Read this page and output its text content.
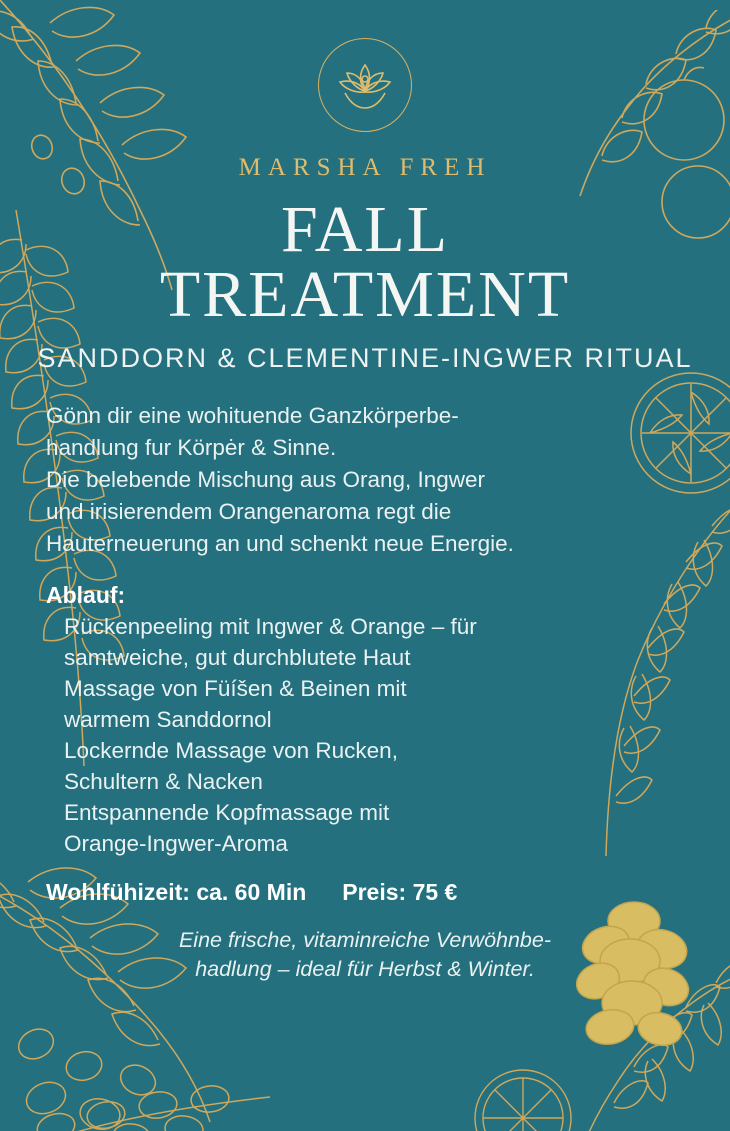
MARSHA FREH
FALL
TREATMENT
SANDDORN & CLEMENTINE-INGWER RITUAL

Gönn dir eine wohituende Ganzkörperbe-

handlung fur Körpėr & Sinne.

Die belebende Mischung aus Orang, Ingwer

und irisierendem Orangenaroma regt die

Hauterneuerung an und schenkt neue Energie.

Ablauf:
Rückenpeeling mit Ingwer & Orange – für
samtweiche, gut durchblutete Haut
Massage von Füíšen & Beinen mit
warmem Sanddornol
Lockernde Massage von Rucken,
Schultern & Nacken
Entspannende Kopfmassage mit
Orange-Ingwer-Aroma
Wohlfühizeit: ca. 60 Min Preis: 75 €
Eine frische, vitaminreiche Verwöhnbe-
hadlung – ideal für Herbst & Winter.
